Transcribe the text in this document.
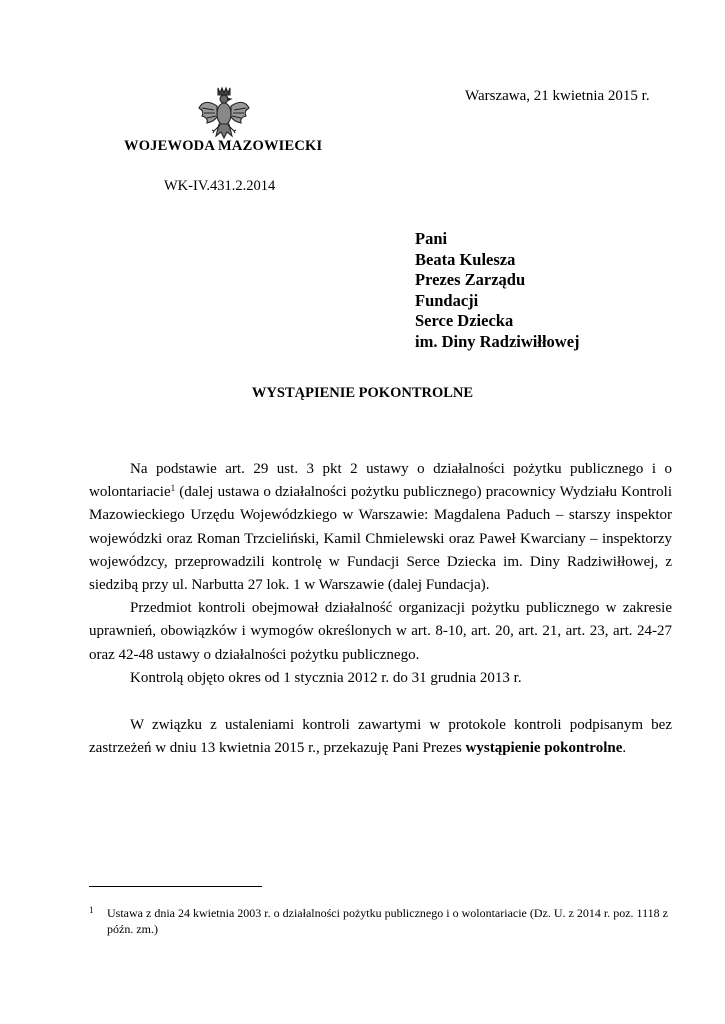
WOJEWODA MAZOWIECKI
Warszawa, 21 kwietnia 2015 r.
WK-IV.431.2.2014
Pani
Beata Kulesza
Prezes Zarządu
Fundacji
Serce Dziecka
im. Diny Radziwiłłowej
WYSTĄPIENIE POKONTROLNE

Na podstawie art. 29 ust. 3 pkt 2 ustawy o działalności pożytku publicznego i o wolontariacie$^1$ (dalej ustawa o działalności pożytku publicznego) pracownicy Wydziału Kontroli Mazowieckiego Urzędu Wojewódzkiego w Warszawie: Magdalena Paduch – starszy inspektor wojewódzki oraz Roman Trzcieliński, Kamil Chmielewski oraz Paweł Kwarciany – inspektorzy wojewódzcy, przeprowadzili kontrolę w Fundacji Serce Dziecka im. Diny Radziwiłłowej, z siedzibą przy ul. Narbutta 27 lok. 1 w Warszawie (dalej Fundacja).

Przedmiot kontroli obejmował działalność organizacji pożytku publicznego w zakresie uprawnień, obowiązków i wymogów określonych w art. 8-10, art. 20, art. 21, art. 23, art. 24-27 oraz 42-48 ustawy o działalności pożytku publicznego.

Kontrolą objęto okres od 1 stycznia 2012 r. do 31 grudnia 2013 r.

W związku z ustaleniami kontroli zawartymi w protokole kontroli podpisanym bez zastrzeżeń w dniu 13 kwietnia 2015 r., przekazuję Pani Prezes wystąpienie pokontrolne.

1	Ustawa z dnia 24 kwietnia 2003 r. o działalności pożytku publicznego i o wolontariacie (Dz. U. z 2014 r. poz. 1118 z późn. zm.)
